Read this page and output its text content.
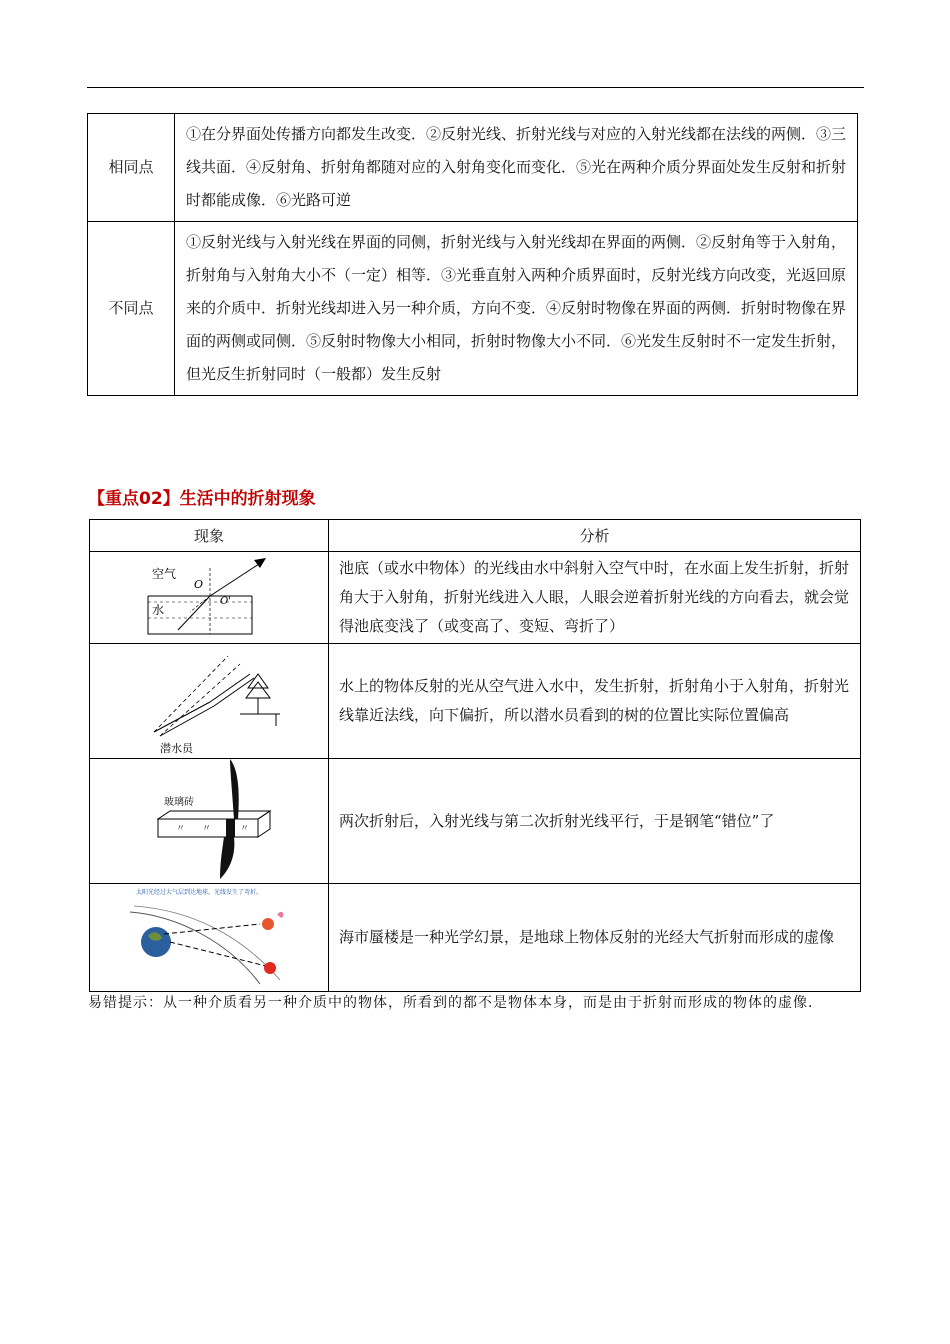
相同点	①在分界面处传播方向都发生改变．②反射光线、折射光线与对应的入射光线都在法线的两侧．③三线共面．④反射角、折射角都随对应的入射角变化而变化．⑤光在两种介质分界面处发生反射和折射时都能成像．⑥光路可逆
不同点	①反射光线与入射光线在界面的同侧，折射光线与入射光线却在界面的两侧．②反射角等于入射角，折射角与入射角大小不（一定）相等．③光垂直射入两种介质界面时，反射光线方向改变，光返回原来的介质中．折射光线却进入另一种介质，方向不变．④反射时物像在界面的两侧．折射时物像在界面的两侧或同侧．⑤反射时物像大小相同，折射时物像大小不同．⑥光发生反射时不一定发生折射，但光反生折射同时（一般都）发生反射
【重点02】生活中的折射现象
现象	分析

空气
水
O
O'	池底（或水中物体）的光线由水中斜射入空气中时，在水面上发生折射，折射角大于入射角，折射光线进入人眼，人眼会逆着折射光线的方向看去，就会觉得池底变浅了（或变高了、变短、弯折了）

潜水员	水上的物体反射的光从空气进入水中，发生折射，折射角小于入射角，折射光线靠近法线，向下偏折，所以潜水员看到的树的位置比实际位置偏高

玻璃砖
〃 〃 〃	两次折射后，入射光线与第二次折射光线平行，于是钢笔“错位”了

太阳光经过大气层到达地球，光线发生了弯折。	海市蜃楼是一种光学幻景，是地球上物体反射的光经大气折射而形成的虚像
易错提示：从一种介质看另一种介质中的物体，所看到的都不是物体本身，而是由于折射而形成的物体的虚像．
